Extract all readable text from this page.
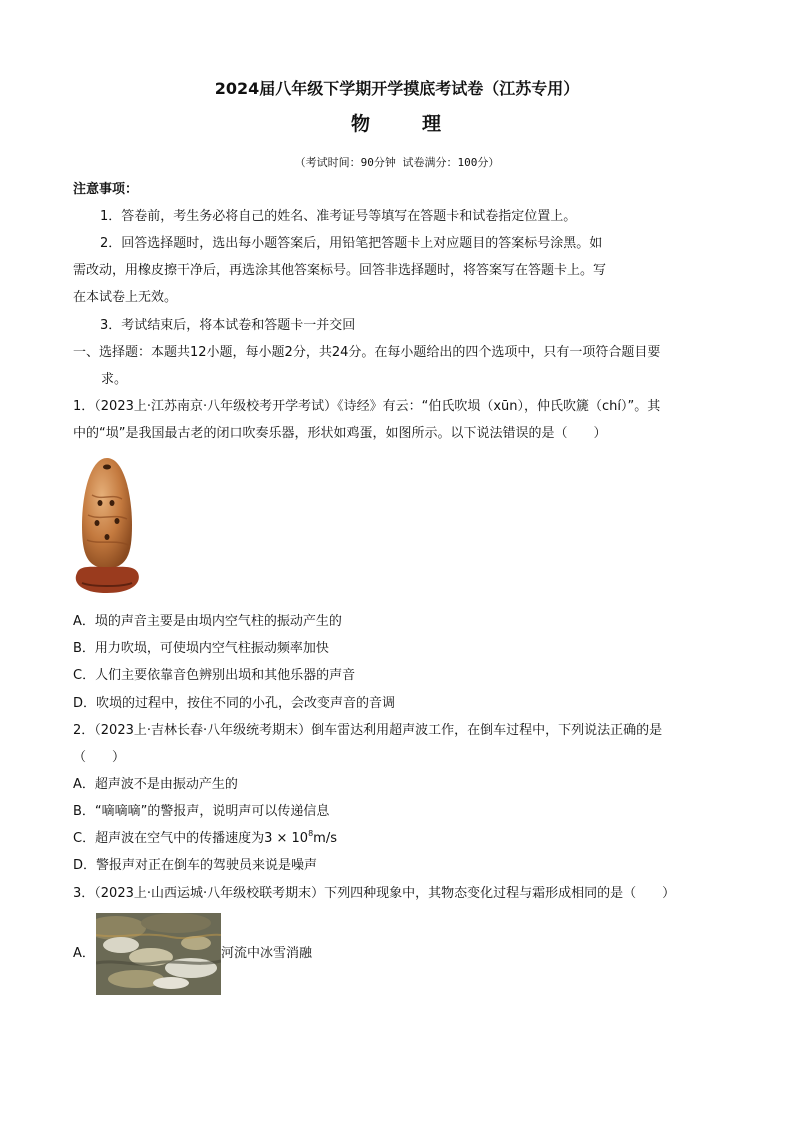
2024届八年级下学期开学摸底考试卷（江苏专用）
物	理
（考试时间：90分钟 试卷满分：100分）
注意事项：
1．答卷前，考生务必将自己的姓名、准考证号等填写在答题卡和试卷指定位置上。
2．回答选择题时，选出每小题答案后，用铅笔把答题卡上对应题目的答案标号涂黑。如
需改动，用橡皮擦干净后，再选涂其他答案标号。回答非选择题时，将答案写在答题卡上。写
在本试卷上无效。
3．考试结束后，将本试卷和答题卡一并交回
一、选择题：本题共12小题，每小题2分，共24分。在每小题给出的四个选项中，只有一项符合题目要
求。
1．（2023上·江苏南京·八年级校考开学考试）《诗经》有云：“伯氏吹埙（xūn），仲氏吹篪（chí）”。其
中的“埙”是我国最古老的闭口吹奏乐器，形状如鸡蛋，如图所示。以下说法错误的是（　　）
A．埙的声音主要是由埙内空气柱的振动产生的
B．用力吹埙，可使埙内空气柱振动频率加快
C．人们主要依靠音色辨别出埙和其他乐器的声音
D．吹埙的过程中，按住不同的小孔，会改变声音的音调
2．（2023上·吉林长春·八年级统考期末）倒车雷达利用超声波工作，在倒车过程中，下列说法正确的是
（　　）
A．超声波不是由振动产生的
B．“嘀嘀嘀”的警报声，说明声可以传递信息
C．超声波在空气中的传播速度为$3 \times 10^8m/s$
D．警报声对正在倒车的驾驶员来说是噪声
3．（2023上·山西运城·八年级校联考期末）下列四种现象中，其物态变化过程与霜形成相同的是（　　）
A．	河流中冰雪消融
